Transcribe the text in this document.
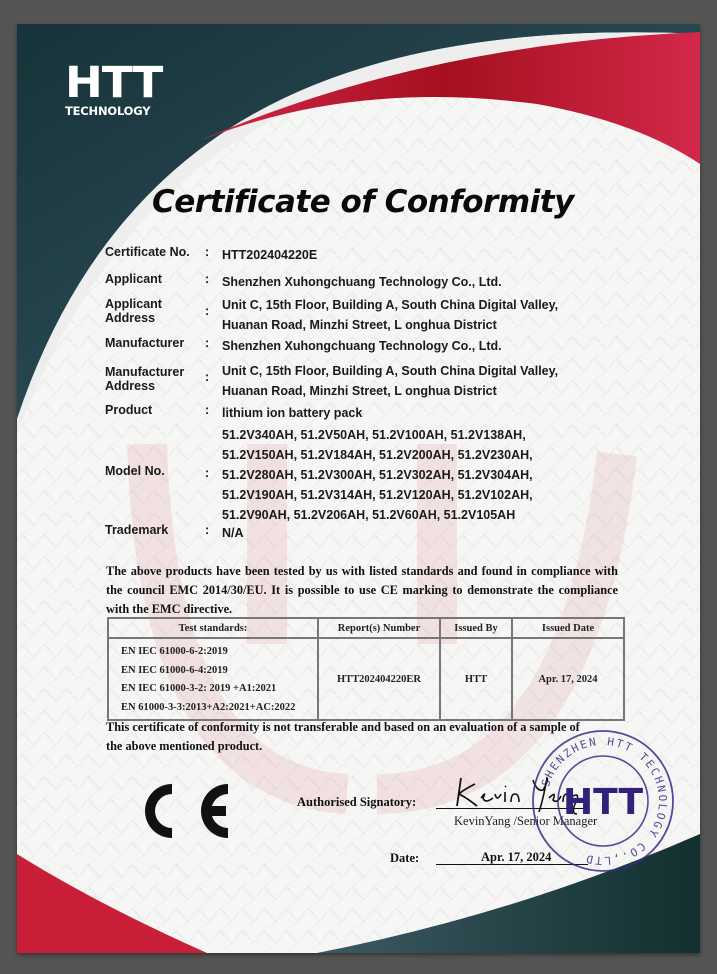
HTT
TECHNOLOGY
Certificate of Conformity
Certificate No.	: HTT202404220E
Applicant	: Shenzhen Xuhongchuang Technology Co., Ltd.
Applicant
Address	: Unit C, 15th Floor, Building A, South China Digital Valley,
Huanan Road, Minzhi Street, L onghua District
Manufacturer	: Shenzhen Xuhongchuang Technology Co., Ltd.
Manufacturer
Address
: Unit C, 15th Floor, Building A, South China Digital Valley,
Huanan Road, Minzhi Street, L onghua District
Product	: lithium ion battery pack
Model No.	:
51.2V340AH, 51.2V50AH, 51.2V100AH, 51.2V138AH,
51.2V150AH, 51.2V184AH, 51.2V200AH, 51.2V230AH,
51.2V280AH, 51.2V300AH, 51.2V302AH, 51.2V304AH,
51.2V190AH, 51.2V314AH, 51.2V120AH, 51.2V102AH,
51.2V90AH, 51.2V206AH, 51.2V60AH, 51.2V105AH
Trademark	: N/A
The above products have been tested by us with listed standards and found in compliance with the council EMC 2014/30/EU. It is possible to use CE marking to demonstrate the compliance with the EMC directive.
Test standards:	Report(s) Number	Issued By	Issued Date

EN IEC 61000-6-2:2019
EN IEC 61000-6-4:2019
EN IEC 61000-3-2: 2019 +A1:2021
EN 61000-3-3:2013+A2:2021+AC:2022	HTT202404220ER	HTT	Apr. 17, 2024
This certificate of conformity is not transferable and based on an evaluation of a sample of the above mentioned product.
Authorised Signatory:
KevinYang /Senior Manager
Date:	Apr. 17, 2024
SHENZHEN HTT TECHNOLOGY CO.,LTD
HTT
